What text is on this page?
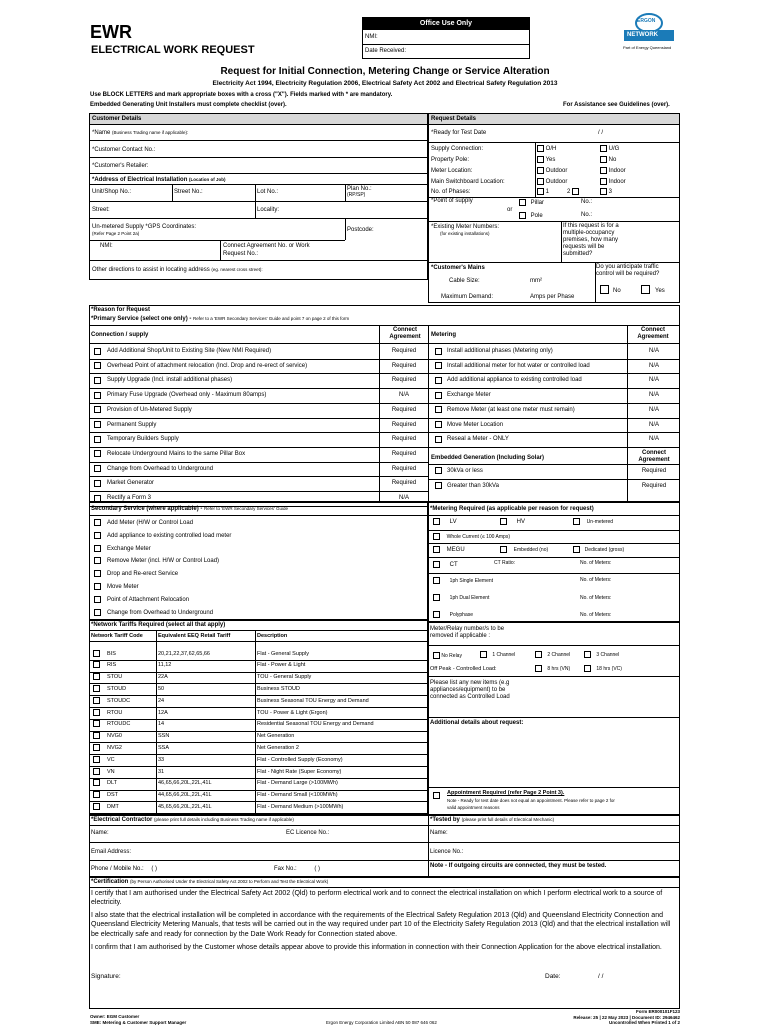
EWR
ELECTRICAL WORK REQUEST
Office Use Only
NMI:
Date Received:
ERGON
NETWORK
Part of Energy Queensland
Request for Initial Connection, Metering Change or Service Alteration
Electricity Act 1994, Electricity Regulation 2006, Electrical Safety Act 2002 and Electrical Safety Regulation 2013
Use BLOCK LETTERS and mark appropriate boxes with a cross ("X"). Fields marked with * are mandatory.
Embedded Generating Unit Installers must complete checklist (over).	For Assistance see Guidelines (over).
Customer Details
*Name (Business Trading name if applicable):
*Customer Contact No.:
*Customer's Retailer:
*Address of Electrical Installation (Location of Job)
Unit/Shop No.:	Street No.:	Lot No.:	Plan No.:
(RP/SP)
Street:	Locality:
Un-metered Supply *GPS Coordinates:
(Refer Page 2 Point 2a)
Postcode:
NMI:	Connect Agreement No. or Work
Request No.:
Other directions to assist in locating address (eg. nearest cross street):
Request Details
*Ready for Test Date	/ /
Supply Connection:	O/H	U/G
Property Pole:	Yes	No
Meter Location:	Outdoor	Indoor
Main Switchboard Location:	Outdoor	Indoor
No. of Phases:	1	2	3
*Point of supply	Pillar	No.:
or
Pole	No.:
*Existing Meter Numbers:
(for existing installations)
If this request is for a
multiple-occupancy
premises, how many
requests will be
submitted?
*Customer's Mains
Cable Size:	mm²
Maximum Demand:	Amps per Phase
Do you anticipate traffic
control will be required?
No	Yes
*Reason for Request
*Primary Service (select one only) - Refer to a 'EWR Secondary Services' Guide and point 7 on page 2 of this form
Connection / supply
Connect Agreement	Metering
Connect Agreement
Add Additional Shop/Unit to Existing Site (New NMI Required)	Required
Overhead Point of attachment relocation (Incl. Drop and re-erect of service)	Required
Supply Upgrade (Incl. install additional phases)	Required
Primary Fuse Upgrade (Overhead only - Maximum 80amps)	N/A
Provision of Un-Metered Supply	Required
Permanent Supply	Required
Temporary Builders Supply	Required
Relocate Underground Mains to the same Pillar Box	Required
Change from Overhead to Underground	Required
Market Generator	Required
Rectify a Form 3	N/A
Install additional phases (Metering only)	N/A
Install additional meter for hot water or controlled load	N/A
Add additional appliance to existing controlled load	N/A
Exchange Meter	N/A
Remove Meter (at least one meter must remain)	N/A
Move Meter Location	N/A
Reseal a Meter - ONLY	N/A
Embedded Generation (Including Solar)
Connect Agreement
30kVa or less	Required
Greater than 30kVa	Required
Secondary Service (where applicable) - Refer to 'EWR Secondary Services' Guide
Add Meter (H/W or Control Load
Add appliance to existing controlled load meter
Exchange Meter
Remove Meter (incl. H/W or Control Load)
Drop and Re-erect Service
Move Meter
Point of Attachment Relocation
Change from Overhead to Underground
*Metering Required (as applicable per reason for request)
LV	HV	Un-metered
Whole Current (≤ 100 Amps)
MEGU	Embedded (no)	Dedicated (gross)
CT	CT Ratio:	No. of Meters:
1ph Single Element	No. of Meters:
1ph Dual Element	No. of Meters:
Polyphase	No. of Meters:
*Network Tariffs Required (select all that apply)
Network Tariff Code	Equivalent EEQ Retail Tariff	Description
BIS	20,21,22,37,62,65,66	Flat - General Supply
RIS	11,12	Flat - Power & Light
STOU	22A	TOU - General Supply
STOUD	50	Business STOUD
STOUDC	24	Business Seasonal TOU Energy and Demand
RTOU	12A	TOU - Power & Light (Ergon)
RTOUDC	14	Residential Seasonal TOU Energy and Demand
NVG0	SSN	Net Generation
NVG2	SSA	Net Generation 2
VC	33	Flat - Controlled Supply (Economy)
VN	31	Flat - Night Rate (Super Economy)
DLT	46,65,66,20L,22L,41L	Flat - Demand Large (>100MWh)
DST	44,65,66,20L,22L,41L	Flat - Demand Small (<100MWh)
DMT	45,65,66,20L,22L,41L	Flat - Demand Medium (>100MWh)
Meter/Relay number/s to be
removed if applicable :
No Relay	1 Channel	2 Channel	3 Channel
Off Peak - Controlled Load:	8 hrs (VN)	18 hrs (VC)
Please list any new items (e.g
appliances/equipment) to be
connected as Controlled Load
Additional details about request:
Appointment Required (refer Page 2 Point 3).
Note - Ready for test date does not equal an appointment. Please refer to page 2 for
valid appointment reasons
*Electrical Contractor (please print full details including Business Trading name if applicable)	*Tested by (please print full details of Electrical Mechanic)
Name:	EC Licence No.:	Name:
Email Address:	Licence No.:
Phone / Mobile No.: ( )	Fax No.:	( )	Note - If outgoing circuits are connected, they must be tested.
*Certification (by Person Authorised Under the Electrical Safety Act 2002 to Perform and Test the Electrical Work)
I certify that I am authorised under the Electrical Safety Act 2002 (Qld) to perform electrical work and to connect the electrical installation on which I perform electrical work to a source of electricity.
I also state that the electrical installation will be completed in accordance with the requirements of the Electrical Safety Regulation 2013 (Qld) and Queensland Electricity Connection and Queensland Electricity Metering Manuals, that tests will be carried out in the way required under part 10 of the Electricity Safety Regulation 2013 (Qld) and that the electrical installation will be electrically safe and ready for connection by the Date Work Ready for Connection stated above.
I confirm that I am authorised by the Customer whose details appear above to provide this information in connection with their Connection Application for the above electrical installation.
Signature:	Date:	/ /
Owner: EGM Customer
SME: Metering & Customer Support Manager	Ergon Energy Corporation Limited ABN 50 087 646 062
Form ER000101F123
Release: 25 | 22 May 2023 | Document ID: 2946462
Uncontrolled When Printed 1 of 2
